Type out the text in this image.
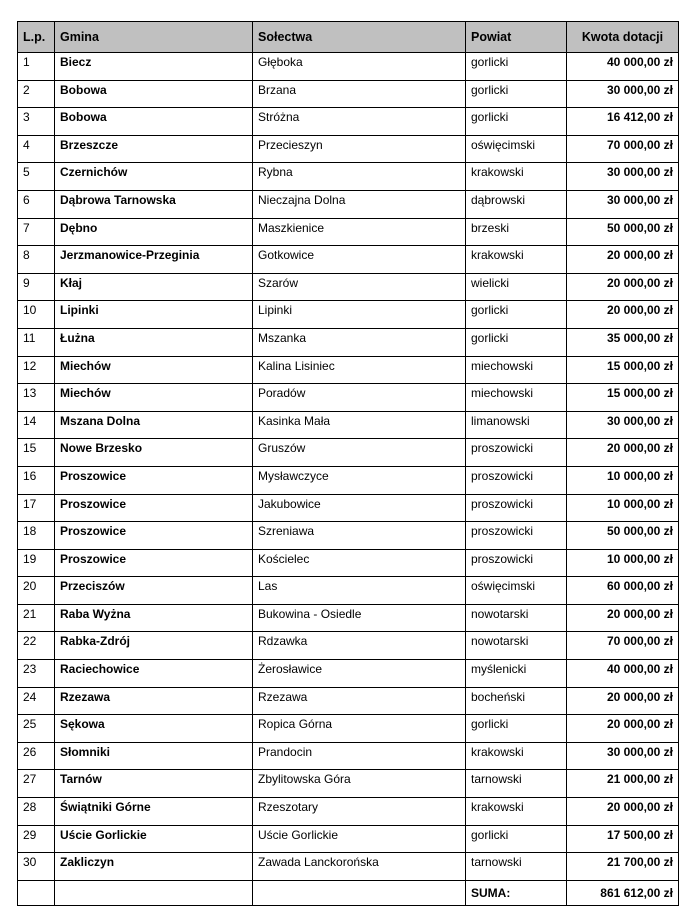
L.p.	Gmina	Sołectwa	Powiat	Kwota dotacji
1	Biecz	Głęboka	gorlicki	40 000,00 zł
2	Bobowa	Brzana	gorlicki	30 000,00 zł
3	Bobowa	Stróżna	gorlicki	16 412,00 zł
4	Brzeszcze	Przecieszyn	oświęcimski	70 000,00 zł
5	Czernichów	Rybna	krakowski	30 000,00 zł
6	Dąbrowa Tarnowska	Nieczajna Dolna	dąbrowski	30 000,00 zł
7	Dębno	Maszkienice	brzeski	50 000,00 zł
8	Jerzmanowice-Przeginia	Gotkowice	krakowski	20 000,00 zł
9	Kłaj	Szarów	wielicki	20 000,00 zł
10	Lipinki	Lipinki	gorlicki	20 000,00 zł
11	Łużna	Mszanka	gorlicki	35 000,00 zł
12	Miechów	Kalina Lisiniec	miechowski	15 000,00 zł
13	Miechów	Poradów	miechowski	15 000,00 zł
14	Mszana Dolna	Kasinka Mała	limanowski	30 000,00 zł
15	Nowe Brzesko	Gruszów	proszowicki	20 000,00 zł
16	Proszowice	Mysławczyce	proszowicki	10 000,00 zł
17	Proszowice	Jakubowice	proszowicki	10 000,00 zł
18	Proszowice	Szreniawa	proszowicki	50 000,00 zł
19	Proszowice	Kościelec	proszowicki	10 000,00 zł
20	Przeciszów	Las	oświęcimski	60 000,00 zł
21	Raba Wyżna	Bukowina - Osiedle	nowotarski	20 000,00 zł
22	Rabka-Zdrój	Rdzawka	nowotarski	70 000,00 zł
23	Raciechowice	Żerosławice	myślenicki	40 000,00 zł
24	Rzezawa	Rzezawa	bocheński	20 000,00 zł
25	Sękowa	Ropica Górna	gorlicki	20 000,00 zł
26	Słomniki	Prandocin	krakowski	30 000,00 zł
27	Tarnów	Zbylitowska Góra	tarnowski	21 000,00 zł
28	Świątniki Górne	Rzeszotary	krakowski	20 000,00 zł
29	Uście Gorlickie	Uście Gorlickie	gorlicki	17 500,00 zł
30	Zakliczyn	Zawada Lanckorońska	tarnowski	21 700,00 zł
			SUMA:	861 612,00 zł
